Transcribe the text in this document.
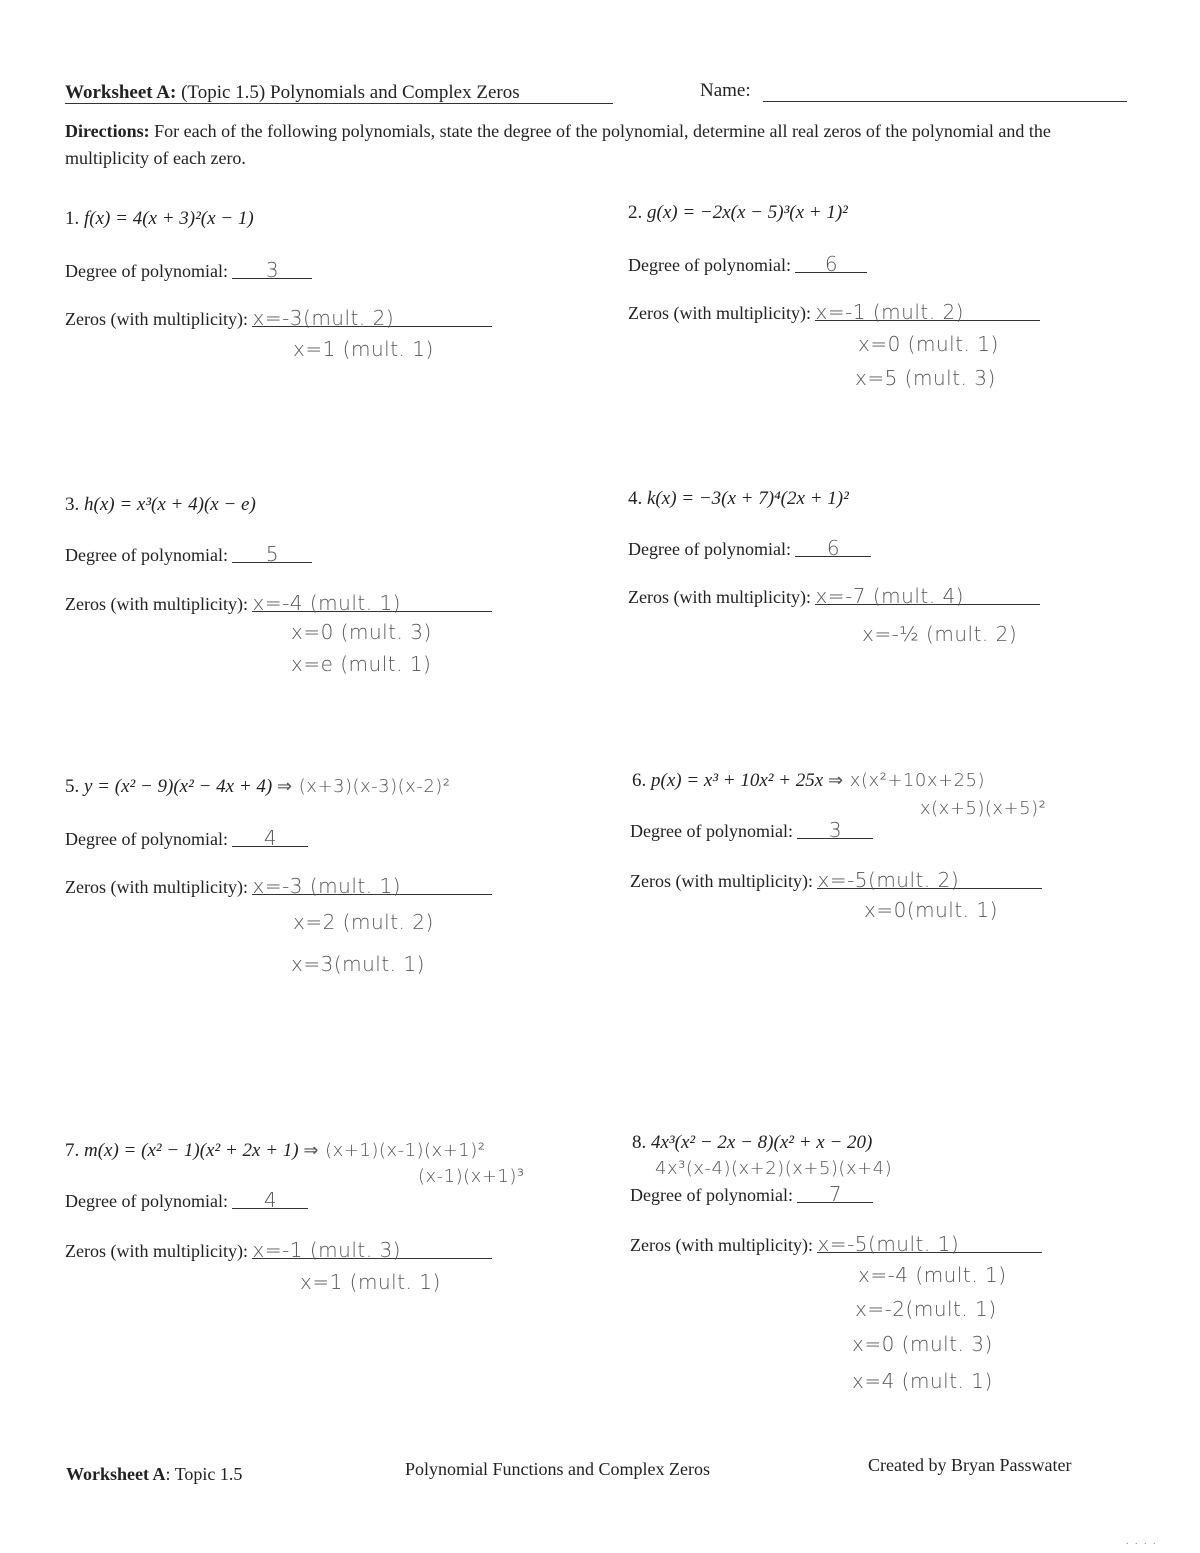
Worksheet A: (Topic 1.5) Polynomials and Complex Zeros	Name:
Directions: For each of the following polynomials, state the degree of the polynomial, determine all real zeros of the polynomial and the multiplicity of each zero.
1. f(x) = 4(x + 3)²(x − 1)
Degree of polynomial: 3
Zeros (with multiplicity): x=-3(mult. 2)
x=1 (mult. 1)
2. g(x) = −2x(x − 5)³(x + 1)²
Degree of polynomial: 6
Zeros (with multiplicity): x=-1 (mult. 2)
x=0 (mult. 1)
x=5 (mult. 3)
3. h(x) = x³(x + 4)(x − e)
Degree of polynomial: 5
Zeros (with multiplicity): x=-4 (mult. 1)
x=0 (mult. 3)
x=e (mult. 1)
4. k(x) = −3(x + 7)⁴(2x + 1)²
Degree of polynomial: 6
Zeros (with multiplicity): x=-7 (mult. 4)
x=-½ (mult. 2)
5. y = (x² − 9)(x² − 4x + 4) ⇒ (x+3)(x-3)(x-2)²
Degree of polynomial: 4
Zeros (with multiplicity): x=-3 (mult. 1)
x=2 (mult. 2)
x=3(mult. 1)
6. p(x) = x³ + 10x² + 25x ⇒ x(x²+10x+25)
x(x+5)(x+5)²
Degree of polynomial: 3
Zeros (with multiplicity): x=-5(mult. 2)
x=0(mult. 1)
7. m(x) = (x² − 1)(x² + 2x + 1) ⇒ (x+1)(x-1)(x+1)²
(x-1)(x+1)³
Degree of polynomial: 4
Zeros (with multiplicity): x=-1 (mult. 3)
x=1 (mult. 1)
8. 4x³(x² − 2x − 8)(x² + x − 20)
4x³(x-4)(x+2)(x+5)(x+4)
Degree of polynomial: 7
Zeros (with multiplicity): x=-5(mult. 1)
x=-4 (mult. 1)
x=-2(mult. 1)
x=0 (mult. 3)
x=4 (mult. 1)
Worksheet A: Topic 1.5	Polynomial Functions and Complex Zeros	Created by Bryan Passwater
. . . .
